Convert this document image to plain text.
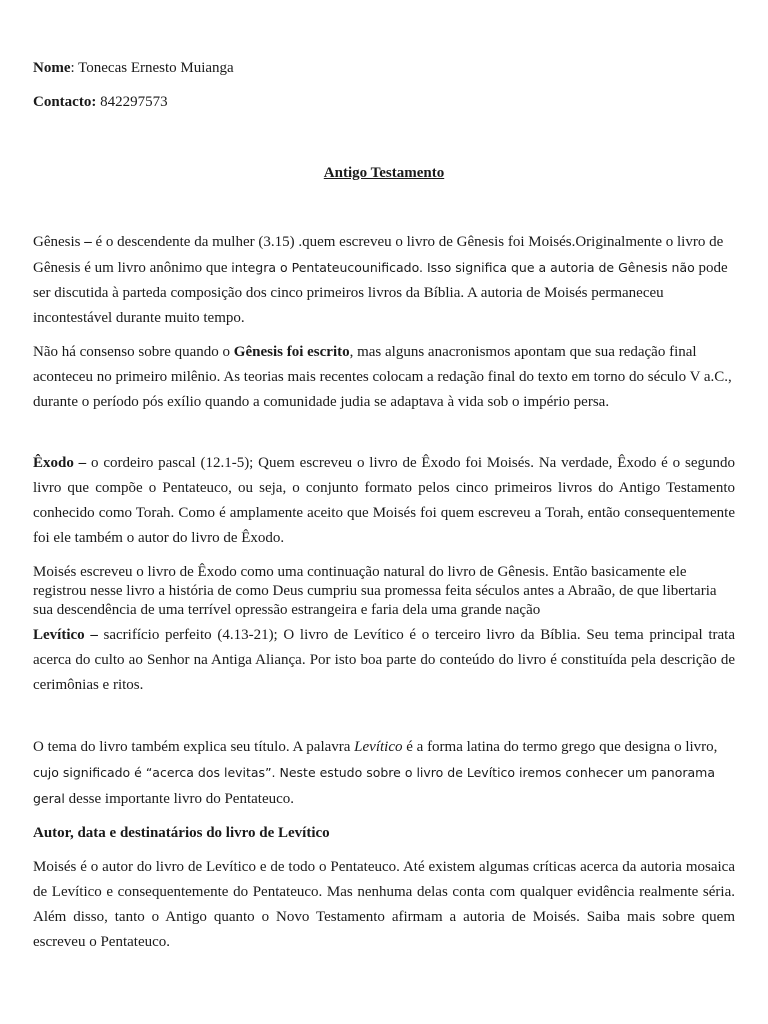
Nome: Tonecas Ernesto Muianga
Contacto: 842297573
Antigo Testamento
Gênesis – é o descendente da mulher (3.15) .quem escreveu o livro de Gênesis foi Moisés.Originalmente o livro de Gênesis é um livro anônimo que integra o Pentateucounificado. Isso significa que a autoria de Gênesis não pode ser discutida à parteda composição dos cinco primeiros livros da Bíblia. A autoria de Moisés permaneceu incontestável durante muito tempo.
Não há consenso sobre quando o Gênesis foi escrito, mas alguns anacronismos apontam que sua redação final aconteceu no primeiro milênio. As teorias mais recentes colocam a redação final do texto em torno do século V a.C., durante o período pós exílio quando a comunidade judia se adaptava à vida sob o império persa.
Êxodo – o cordeiro pascal (12.1-5); Quem escreveu o livro de Êxodo foi Moisés. Na verdade, Êxodo é o segundo livro que compõe o Pentateuco, ou seja, o conjunto formato pelos cinco primeiros livros do Antigo Testamento conhecido como Torah. Como é amplamente aceito que Moisés foi quem escreveu a Torah, então consequentemente foi ele também o autor do livro de Êxodo.
Moisés escreveu o livro de Êxodo como uma continuação natural do livro de Gênesis. Então basicamente ele registrou nesse livro a história de como Deus cumpriu sua promessa feita séculos antes a Abraão, de que libertaria sua descendência de uma terrível opressão estrangeira e faria dela uma grande nação
Levítico – sacrifício perfeito (4.13-21); O livro de Levítico é o terceiro livro da Bíblia. Seu tema principal trata acerca do culto ao Senhor na Antiga Aliança. Por isto boa parte do conteúdo do livro é constituída pela descrição de cerimônias e ritos.
O tema do livro também explica seu título. A palavra Levítico é a forma latina do termo grego que designa o livro, cujo significado é “acerca dos levitas”. Neste estudo sobre o livro de Levítico iremos conhecer um panorama geral desse importante livro do Pentateuco.
Autor, data e destinatários do livro de Levítico
Moisés é o autor do livro de Levítico e de todo o Pentateuco. Até existem algumas críticas acerca da autoria mosaica de Levítico e consequentemente do Pentateuco. Mas nenhuma delas conta com qualquer evidência realmente séria. Além disso, tanto o Antigo quanto o Novo Testamento afirmam a autoria de Moisés. Saiba mais sobre quem escreveu o Pentateuco.
